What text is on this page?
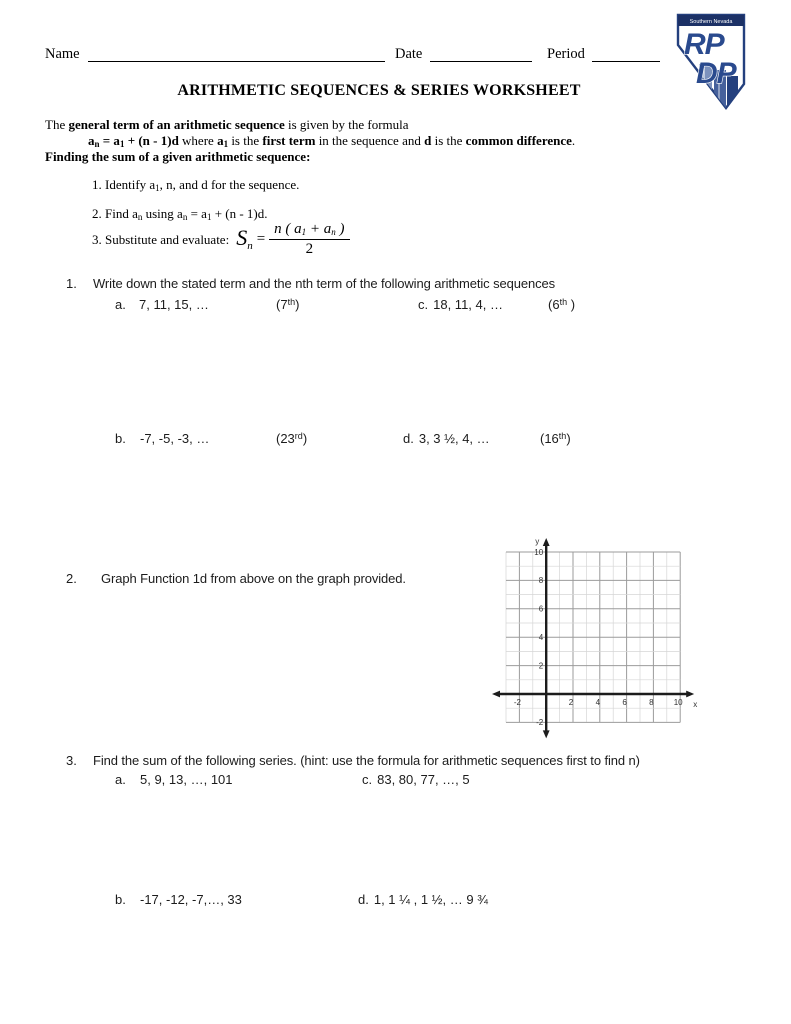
Name	Date	Period
Southern Nevada
RP
DP
ARITHMETIC SEQUENCES & SERIES WORKSHEET
The general term of an arithmetic sequence is given by the formula
$a_n = a_1 + (n - 1)d$ where $a_1$ is the first term in the sequence and d is the common difference.
Finding the sum of a given arithmetic sequence:
1. Identify $a_1$, n, and d for the sequence.
2. Find $a_n$ using $a_n = a_1 + (n - 1)d$.
3. Substitute and evaluate: $S_n = \frac{n ( a_1 + a_n )}{2}$
1. Write down the stated term and the nth term of the following arithmetic sequences
a. 7, 11, 15, …	(7th)	c. 18, 11, 4, …	(6th )
b. -7, -5, -3, …	(23rd)	d. 3, 3 ½, 4, …	(16th)
2. Graph Function 1d from above on the graph provided.
-2	2	4	6	8	10
10
8
6
4
2
-2
y
x
3. Find the sum of the following series. (hint: use the formula for arithmetic sequences first to find n)
a. 5, 9, 13, …, 101	c. 83, 80, 77, …, 5
b. -17, -12, -7,…, 33	d. 1, 1 ¼ , 1 ½, … 9 ¾
